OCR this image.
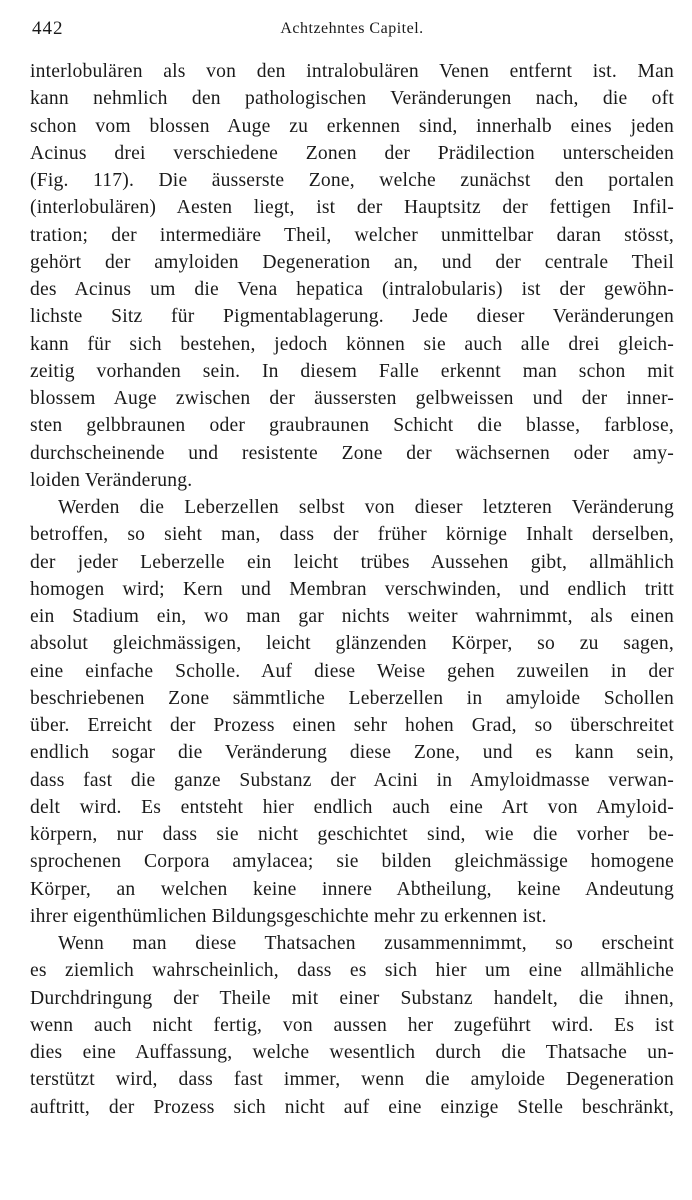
442	Achtzehntes Capitel.
interlobulären als von den intralobulären Venen entfernt ist. Man
kann nehmlich den pathologischen Veränderungen nach, die oft
schon vom blossen Auge zu erkennen sind, innerhalb eines jeden
Acinus drei verschiedene Zonen der Prädilection unterscheiden
(Fig. 117). Die äusserste Zone, welche zunächst den portalen
(interlobulären) Aesten liegt, ist der Hauptsitz der fettigen Infil-
tration; der intermediäre Theil, welcher unmittelbar daran stösst,
gehört der amyloiden Degeneration an, und der centrale Theil
des Acinus um die Vena hepatica (intralobularis) ist der gewöhn-
lichste Sitz für Pigmentablagerung. Jede dieser Veränderungen
kann für sich bestehen, jedoch können sie auch alle drei gleich-
zeitig vorhanden sein. In diesem Falle erkennt man schon mit
blossem Auge zwischen der äussersten gelbweissen und der inner-
sten gelbbraunen oder graubraunen Schicht die blasse, farblose,
durchscheinende und resistente Zone der wächsernen oder amy-
loiden Veränderung.
Werden die Leberzellen selbst von dieser letzteren Veränderung
betroffen, so sieht man, dass der früher körnige Inhalt derselben,
der jeder Leberzelle ein leicht trübes Aussehen gibt, allmählich
homogen wird; Kern und Membran verschwinden, und endlich tritt
ein Stadium ein, wo man gar nichts weiter wahrnimmt, als einen
absolut gleichmässigen, leicht glänzenden Körper, so zu sagen,
eine einfache Scholle. Auf diese Weise gehen zuweilen in der
beschriebenen Zone sämmtliche Leberzellen in amyloide Schollen
über. Erreicht der Prozess einen sehr hohen Grad, so überschreitet
endlich sogar die Veränderung diese Zone, und es kann sein,
dass fast die ganze Substanz der Acini in Amyloidmasse verwan-
delt wird. Es entsteht hier endlich auch eine Art von Amyloid-
körpern, nur dass sie nicht geschichtet sind, wie die vorher be-
sprochenen Corpora amylacea; sie bilden gleichmässige homogene
Körper, an welchen keine innere Abtheilung, keine Andeutung
ihrer eigenthümlichen Bildungsgeschichte mehr zu erkennen ist.
Wenn man diese Thatsachen zusammennimmt, so erscheint
es ziemlich wahrscheinlich, dass es sich hier um eine allmähliche
Durchdringung der Theile mit einer Substanz handelt, die ihnen,
wenn auch nicht fertig, von aussen her zugeführt wird. Es ist
dies eine Auffassung, welche wesentlich durch die Thatsache un-
terstützt wird, dass fast immer, wenn die amyloide Degeneration
auftritt, der Prozess sich nicht auf eine einzige Stelle beschränkt,
